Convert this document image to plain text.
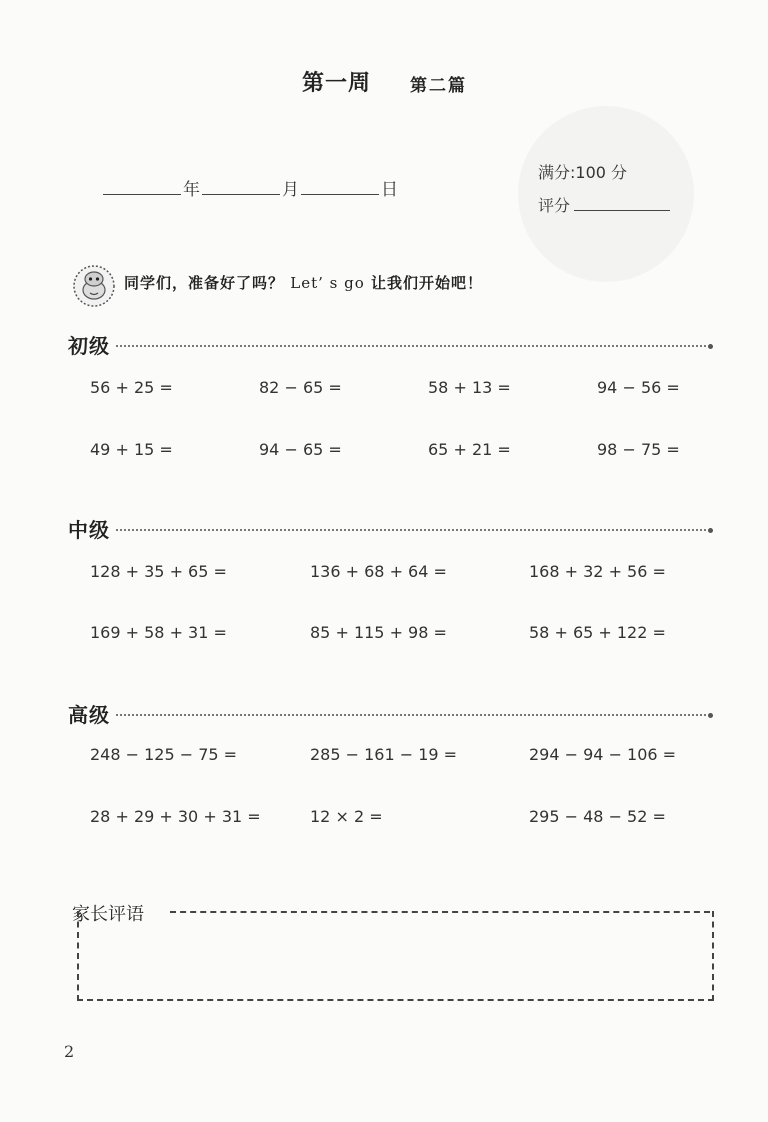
第一周 第二篇
年	月	日
满分:100 分
评分
同学们，准备好了吗？ Let’ s go 让我们开始吧！
初级
56 + 25 =	82 − 65 =	58 + 13 =	94 − 56 =
49 + 15 =	94 − 65 =	65 + 21 =	98 − 75 =
中级
128 + 35 + 65 =	136 + 68 + 64 =	168 + 32 + 56 =
169 + 58 + 31 =	85 + 115 + 98 =	58 + 65 + 122 =
高级
248 − 125 − 75 =	285 − 161 − 19 =	294 − 94 − 106 =
28 + 29 + 30 + 31 =	12 × 2 =	295 − 48 − 52 =
家长评语
2
